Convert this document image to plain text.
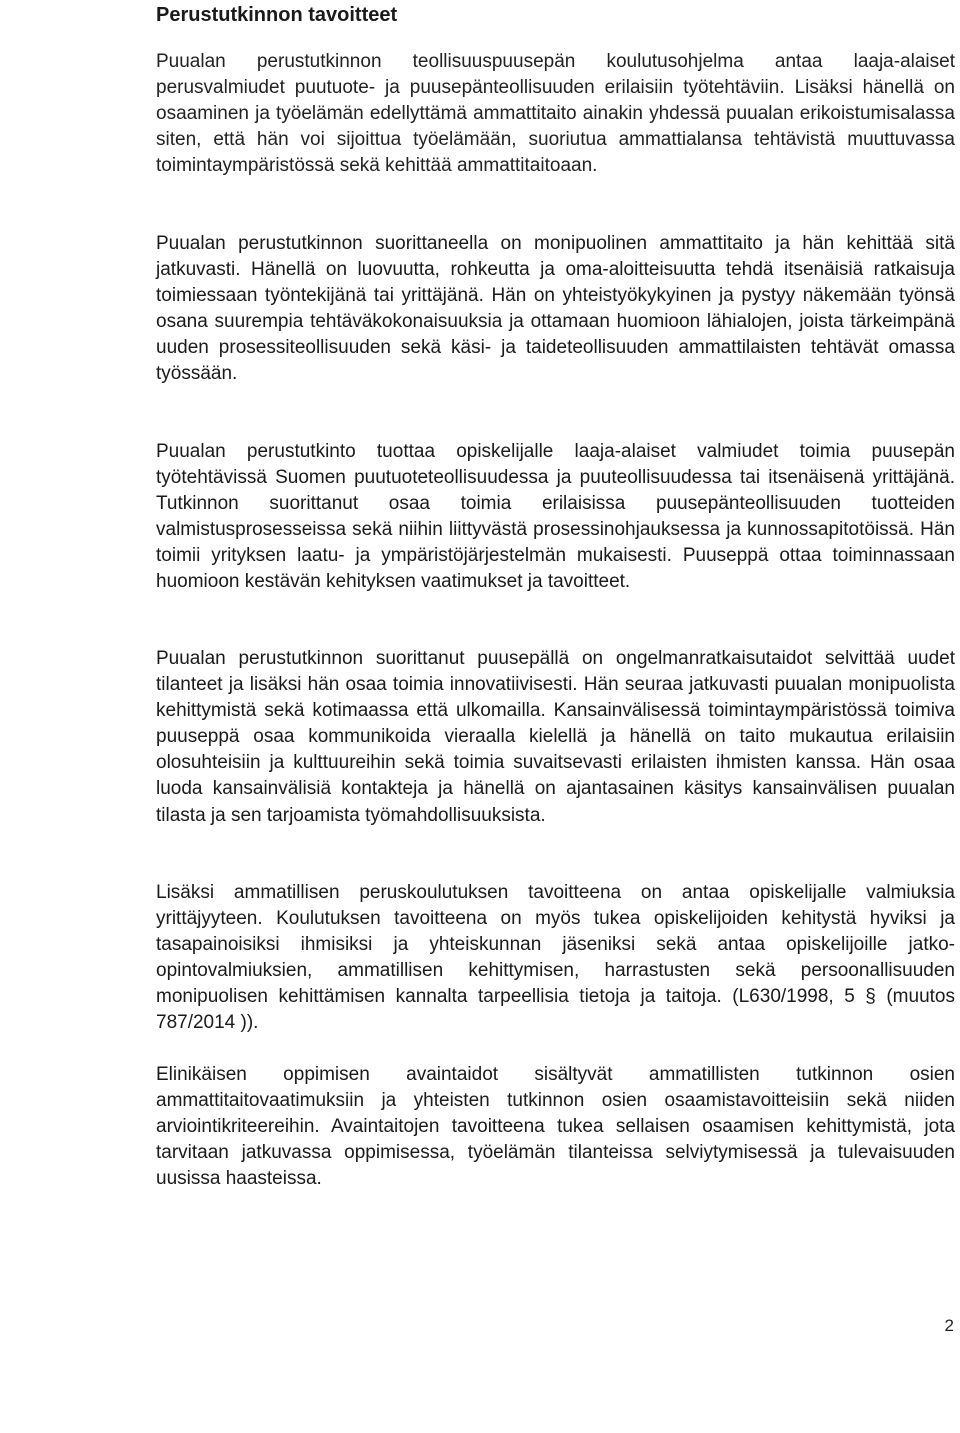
Perustutkinnon tavoitteet

Puualan perustutkinnon teollisuuspuusepän koulutusohjelma antaa laaja-alaiset perusvalmiudet puutuote- ja puusepänteollisuuden erilaisiin työtehtäviin. Lisäksi hänellä on osaaminen ja työelämän edellyttämä ammattitaito ainakin yhdessä puualan erikoistumisalassa siten, että hän voi sijoittua työelämään, suoriutua ammattialansa tehtävistä muuttuvassa toimintaympäristössä sekä kehittää ammattitaitoaan.

Puualan perustutkinnon suorittaneella on monipuolinen ammattitaito ja hän kehittää sitä jatkuvasti. Hänellä on luovuutta, rohkeutta ja oma-aloitteisuutta tehdä itsenäisiä ratkaisuja toimiessaan työntekijänä tai yrittäjänä. Hän on yhteistyökykyinen ja pystyy näkemään työnsä osana suurempia tehtäväkokonaisuuksia ja ottamaan huomioon lähialojen, joista tärkeimpänä uuden prosessiteollisuuden sekä käsi- ja taideteollisuuden ammattilaisten tehtävät omassa työssään.

Puualan perustutkinto tuottaa opiskelijalle laaja-alaiset valmiudet toimia puusepän työtehtävissä Suomen puutuoteteollisuudessa ja puuteollisuudessa tai itsenäisenä yrittäjänä. Tutkinnon suorittanut osaa toimia erilaisissa puusepänteollisuuden tuotteiden valmistusprosesseissa sekä niihin liittyvästä prosessinohjauksessa ja kunnossapitotöissä. Hän toimii yrityksen laatu- ja ympäristöjärjestelmän mukaisesti. Puuseppä ottaa toiminnassaan huomioon kestävän kehityksen vaatimukset ja tavoitteet.

Puualan perustutkinnon suorittanut puusepällä on ongelmanratkaisutaidot selvittää uudet tilanteet ja lisäksi hän osaa toimia innovatiivisesti. Hän seuraa jatkuvasti puualan monipuolista kehittymistä sekä kotimaassa että ulkomailla. Kansainvälisessä toimintaympäristössä toimiva puuseppä osaa kommunikoida vieraalla kielellä ja hänellä on taito mukautua erilaisiin olosuhteisiin ja kulttuureihin sekä toimia suvaitsevasti erilaisten ihmisten kanssa. Hän osaa luoda kansainvälisiä kontakteja ja hänellä on ajantasainen käsitys kansainvälisen puualan tilasta ja sen tarjoamista työmahdollisuuksista.

Lisäksi ammatillisen peruskoulutuksen tavoitteena on antaa opiskelijalle valmiuksia yrittäjyyteen. Koulutuksen tavoitteena on myös tukea opiskelijoiden kehitystä hyviksi ja tasapainoisiksi ihmisiksi ja yhteiskunnan jäseniksi sekä antaa opiskelijoille jatko-opintovalmiuksien, ammatillisen kehittymisen, harrastusten sekä persoonallisuuden monipuolisen kehittämisen kannalta tarpeellisia tietoja ja taitoja. (L630/1998, 5 § (muutos 787/2014 )).

Elinikäisen oppimisen avaintaidot sisältyvät ammatillisten tutkinnon osien ammattitaitovaatimuksiin ja yhteisten tutkinnon osien osaamistavoitteisiin sekä niiden arviointikriteereihin. Avaintaitojen tavoitteena tukea sellaisen osaamisen kehittymistä, jota tarvitaan jatkuvassa oppimisessa, työelämän tilanteissa selviytymisessä ja tulevaisuuden uusissa haasteissa.

2
